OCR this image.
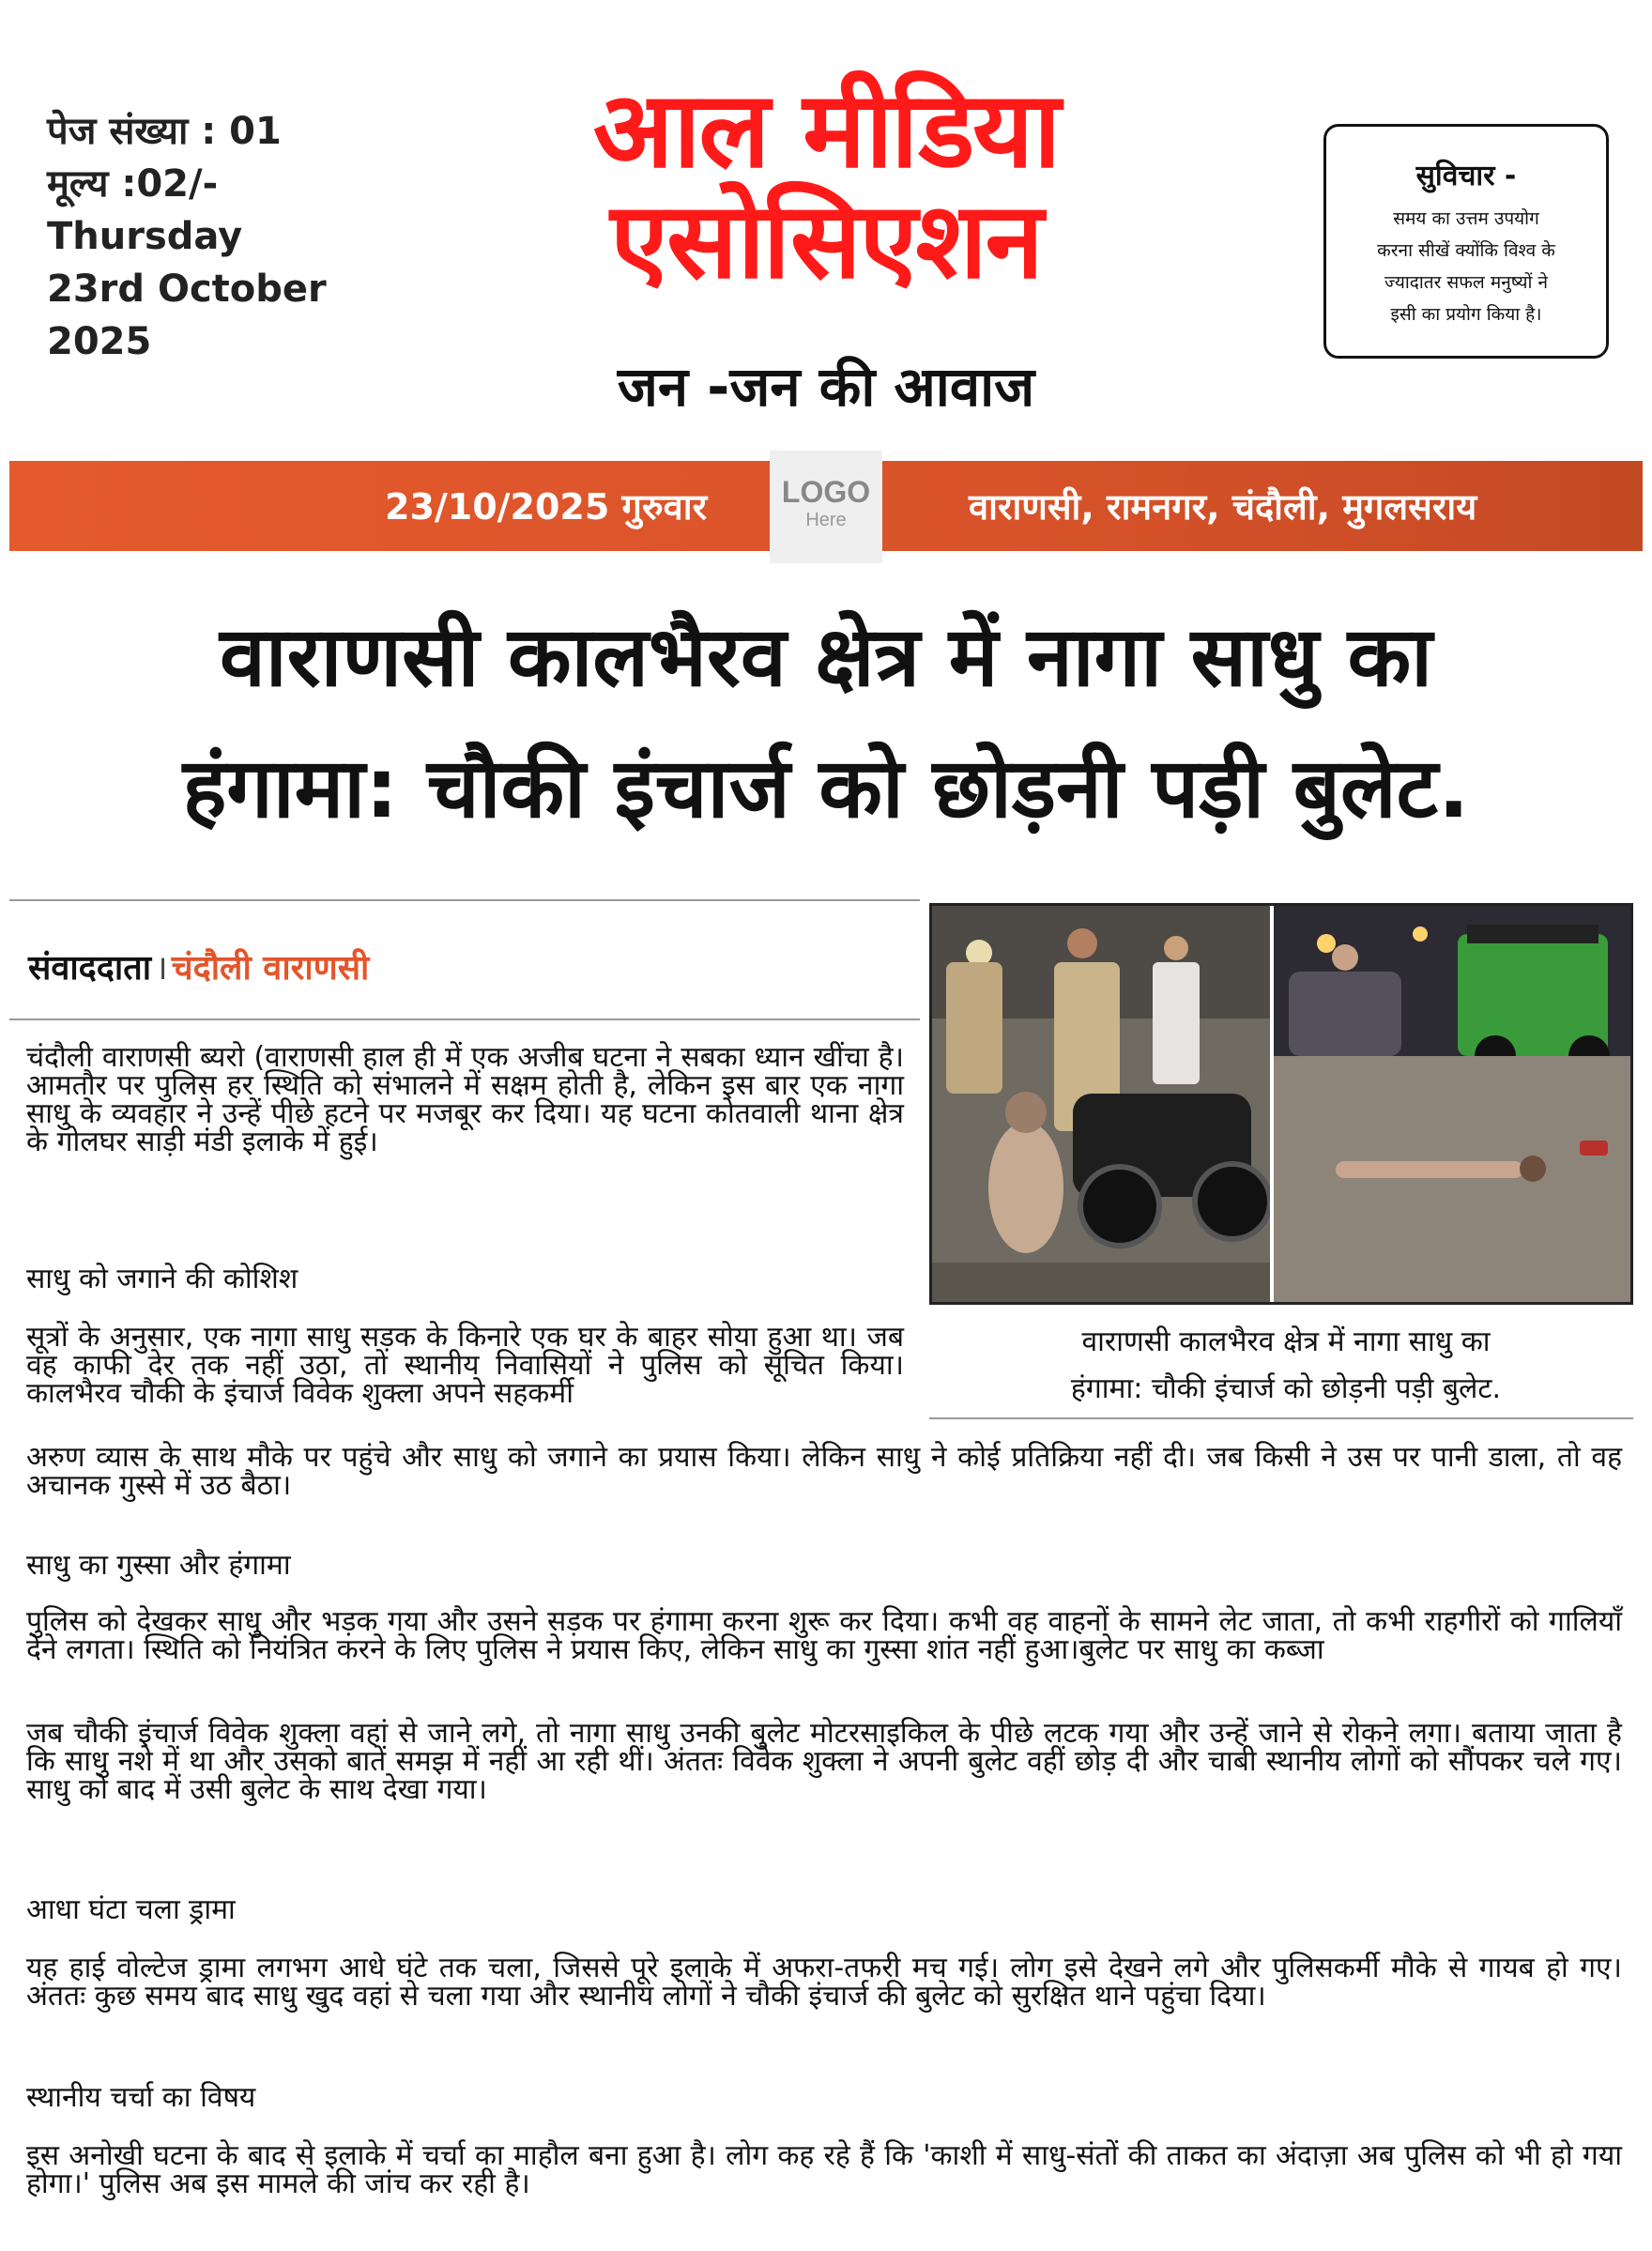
पेज संख्या : 01
मूल्य :02/-
Thursday
23rd October
2025
आल मीडिया
एसोसिएशन
जन -जन की आवाज
सुविचार -
समय का उत्तम उपयोग
करना सीखें क्योंकि विश्व के
ज्यादातर सफल मनुष्यों ने
इसी का प्रयोग किया है।
23/10/2025 गुरुवार	वाराणसी, रामनगर, चंदौली, मुगलसराय
LOGO
Here
वाराणसी कालभैरव क्षेत्र में नागा साधु का
हंगामा: चौकी इंचार्ज को छोड़नी पड़ी बुलेट.
संवाददाता । चंदौली वाराणसी
वाराणसी कालभैरव क्षेत्र में नागा साधु का
हंगामा: चौकी इंचार्ज को छोड़नी पड़ी बुलेट.

चंदौली वाराणसी ब्यरो (वाराणसी हाल ही में एक अजीब घटना ने सबका ध्यान खींचा है। आमतौर पर पुलिस हर स्थिति को संभालने में सक्षम होती है, लेकिन इस बार एक नागा साधु के व्यवहार ने उन्हें पीछे हटने पर मजबूर कर दिया। यह घटना कोतवाली थाना क्षेत्र के गोलघर साड़ी मंडी इलाके में हुई।

साधु को जगाने की कोशिश

सूत्रों के अनुसार, एक नागा साधु सड़क के किनारे एक घर के बाहर सोया हुआ था। जब वह काफी देर तक नहीं उठा, तो स्थानीय निवासियों ने पुलिस को सूचित किया। कालभैरव चौकी के इंचार्ज विवेक शुक्ला अपने सहकर्मी

अरुण व्यास के साथ मौके पर पहुंचे और साधु को जगाने का प्रयास किया। लेकिन साधु ने कोई प्रतिक्रिया नहीं दी। जब किसी ने उस पर पानी डाला, तो वह अचानक गुस्से में उठ बैठा।

साधु का गुस्सा और हंगामा

पुलिस को देखकर साधु और भड़क गया और उसने सड़क पर हंगामा करना शुरू कर दिया। कभी वह वाहनों के सामने लेट जाता, तो कभी राहगीरों को गालियाँ देने लगता। स्थिति को नियंत्रित करने के लिए पुलिस ने प्रयास किए, लेकिन साधु का गुस्सा शांत नहीं हुआ।बुलेट पर साधु का कब्जा

जब चौकी इंचार्ज विवेक शुक्ला वहां से जाने लगे, तो नागा साधु उनकी बुलेट मोटरसाइकिल के पीछे लटक गया और उन्हें जाने से रोकने लगा। बताया जाता है कि साधु नशे में था और उसको बातें समझ में नहीं आ रही थीं। अंततः विवेक शुक्ला ने अपनी बुलेट वहीं छोड़ दी और चाबी स्थानीय लोगों को सौंपकर चले गए। साधु को बाद में उसी बुलेट के साथ देखा गया।

आधा घंटा चला ड्रामा

यह हाई वोल्टेज ड्रामा लगभग आधे घंटे तक चला, जिससे पूरे इलाके में अफरा-तफरी मच गई। लोग इसे देखने लगे और पुलिसकर्मी मौके से गायब हो गए। अंततः कुछ समय बाद साधु खुद वहां से चला गया और स्थानीय लोगों ने चौकी इंचार्ज की बुलेट को सुरक्षित थाने पहुंचा दिया।

स्थानीय चर्चा का विषय

इस अनोखी घटना के बाद से इलाके में चर्चा का माहौल बना हुआ है। लोग कह रहे हैं कि 'काशी में साधु-संतों की ताकत का अंदाज़ा अब पुलिस को भी हो गया होगा।' पुलिस अब इस मामले की जांच कर रही है।
